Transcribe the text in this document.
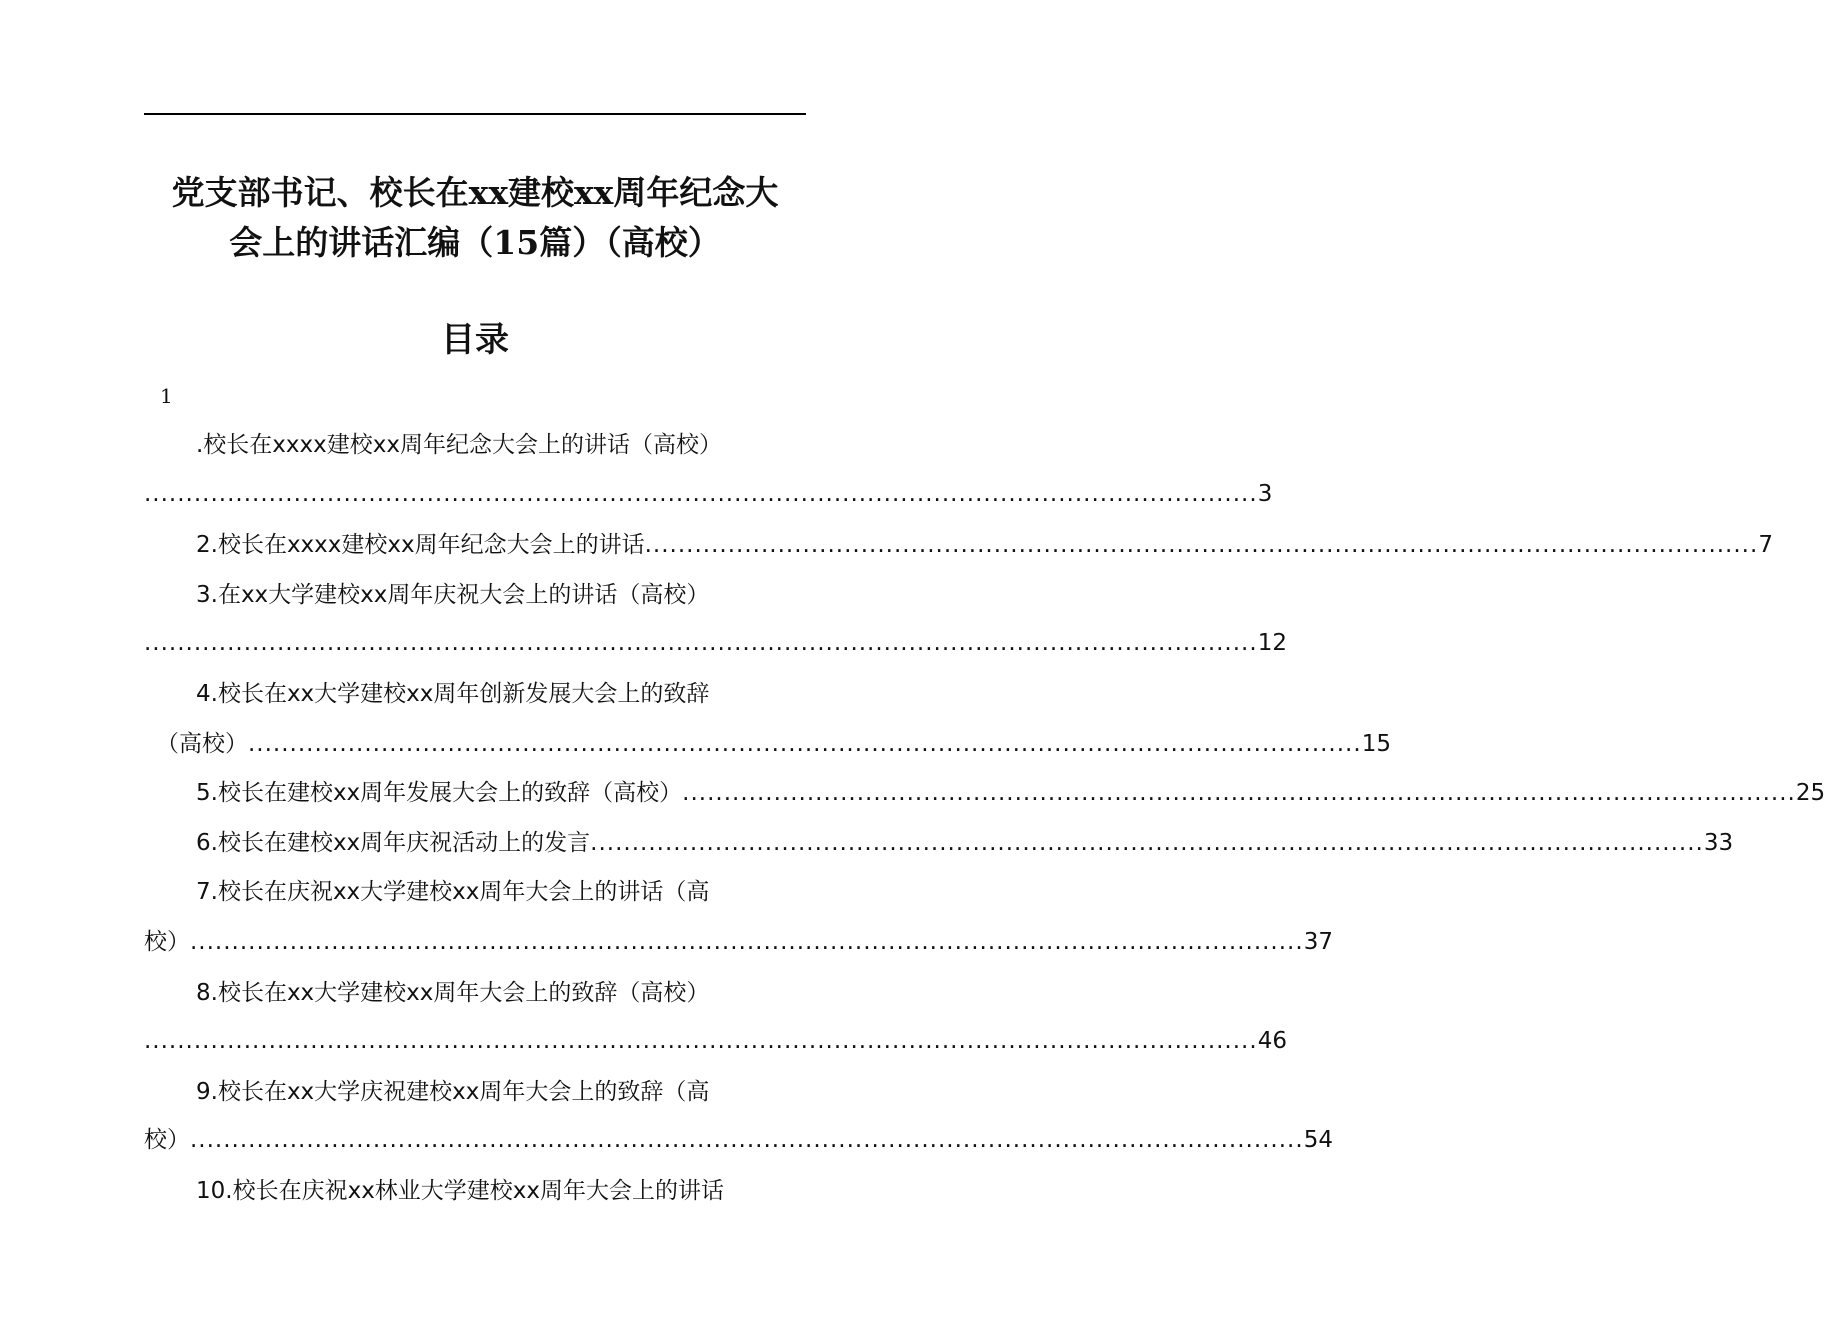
党支部书记、校长在xx建校xx周年纪念大
会上的讲话汇编（15篇）（高校）
目录
1
.校长在xxxx建校xx周年纪念大会上的讲话（高校）
...................................................................................................................................... 3
2.校长在xxxx建校xx周年纪念大会上的讲话 ...................................................................................................................................... 7
3.在xx大学建校xx周年庆祝大会上的讲话（高校）
...................................................................................................................................... 12
4.校长在xx大学建校xx周年创新发展大会上的致辞
（高校） ...................................................................................................................................... 15
5.校长在建校xx周年发展大会上的致辞（高校） ...................................................................................................................................... 25
6.校长在建校xx周年庆祝活动上的发言 ...................................................................................................................................... 33
7.校长在庆祝xx大学建校xx周年大会上的讲话（高
校） ...................................................................................................................................... 37
8.校长在xx大学建校xx周年大会上的致辞（高校）
...................................................................................................................................... 46
9.校长在xx大学庆祝建校xx周年大会上的致辞（高
校） ...................................................................................................................................... 54
10.校长在庆祝xx林业大学建校xx周年大会上的讲话
